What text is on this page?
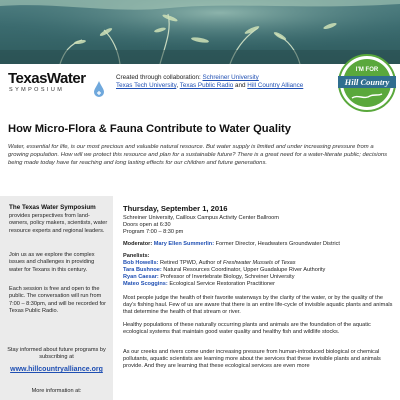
TexasWater
SYMPOSIUM
Created through collaboration: Schreiner University
Texas Tech University, Texas Public Radio and Hill Country Alliance
I'M FOR
Hill Country
How Micro-Flora & Fauna Contribute to Water Quality

Water, essential for life, is our most precious and valuable natural resource. But water supply is limited and under increasing pressure from a growing population. How will we protect this resource and plan for a sustainable future? There is a great need for a water-literate public; decisions being made today have far reaching and long lasting effects for our children and future generations.

The Texas Water Symposium

provides perspectives from land-owners, policy makers, scientists, water resource experts and regional leaders.

Join us as we explore the complex issues and challenges in providing water for Texans in this century.

Each session is free and open to the public. The conversation will run from 7:00 – 8:30pm, and will be recorded for Texas Public Radio.

Stay informed about future programs by subscribing at

www.hillcountryalliance.org

More information at:

Thursday, September 1, 2016
Schreiner University, Cailloux Campus Activity Center Ballroom
Doors open at 6:30
Program 7:00 – 8:30 pm
Moderator: Mary Ellen Summerlin: Former Director, Headwaters Groundwater District
Panelists:
Bob Howells: Retired TPWD, Author of Freshwater Mussels of Texas
Tara Bushnoe: Natural Resources Coordinator, Upper Guadalupe River Authority
Ryan Caesar: Professor of Invertebrate Biology, Schreiner University
Mateo Scoggins: Ecological Service Restoration Practitioner

Most people judge the health of their favorite waterways by the clarity of the water, or by the quality of the day’s fishing haul. Few of us are aware that there is an entire life-cycle of invisible aquatic plants and animals that determine the health of that stream or river.

Healthy populations of these naturally occurring plants and animals are the foundation of the aquatic ecological systems that maintain good water quality and healthy fish and wildlife stocks.

As our creeks and rivers come under increasing pressure from human-introduced biological or chemical pollutants, aquatic scientists are learning more about the services that these invisible plants and animals provide. And they are learning that these ecological services are even more
